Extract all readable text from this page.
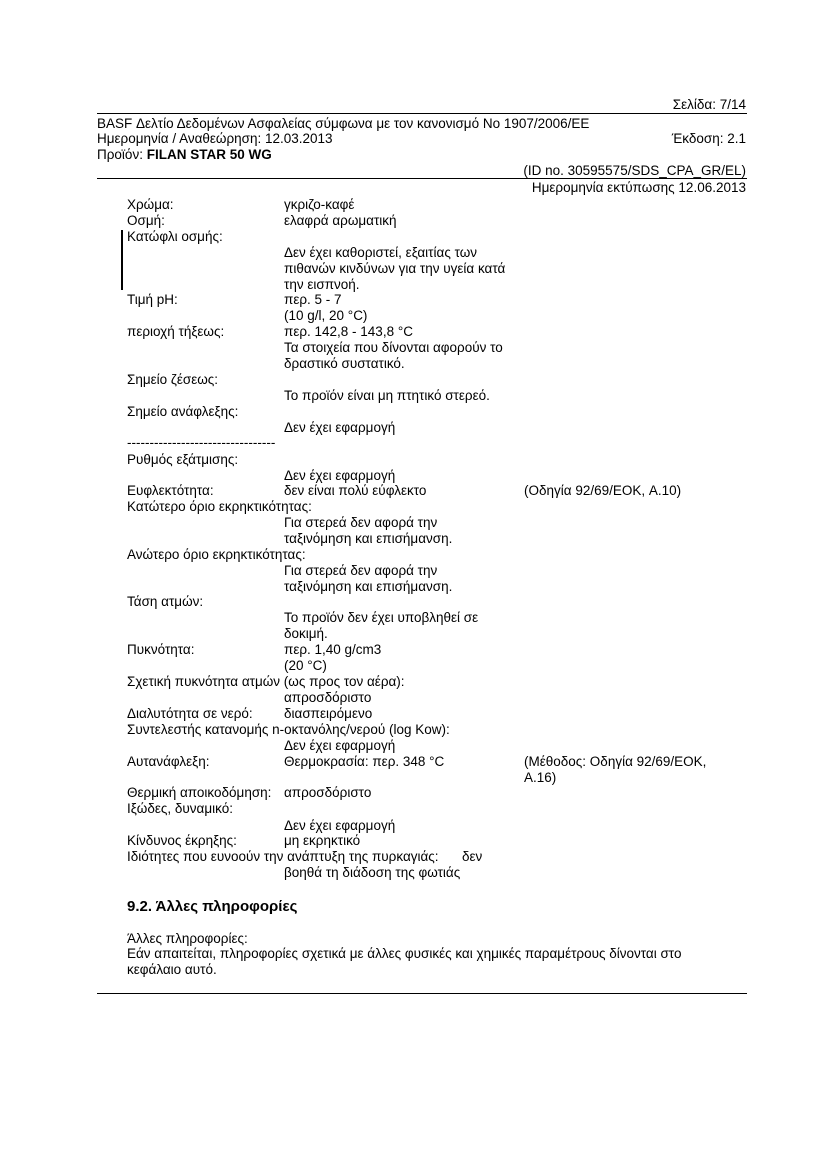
Σελίδα: 7/14
BASF Δελτίο Δεδομένων Ασφαλείας σύμφωνα με τον κανονισμό No 1907/2006/ΕΕ
Ημερομηνία / Αναθεώρηση: 12.03.2013	Έκδοση: 2.1
Προϊόν: FILAN STAR 50 WG
(ID no. 30595575/SDS_CPA_GR/EL)
Ημερομηνία εκτύπωσης 12.06.2013
Χρώμα:	γκριζο-καφέ
Οσμή:	ελαφρά αρωματική
Κατώφλι οσμής:
Δεν έχει καθοριστεί, εξαιτίας των
πιθανών κινδύνων για την υγεία κατά
την εισπνοή.
Τιμή pH:	περ. 5 - 7
(10 g/l, 20 °C)
περιοχή τήξεως:	περ. 142,8 - 143,8 °C
Τα στοιχεία που δίνονται αφορούν το
δραστικό συστατικό.
Σημείο ζέσεως:
Το προϊόν είναι μη πτητικό στερεό.
Σημείο ανάφλεξης:
Δεν έχει εφαρμογή
---------------------------------
Ρυθμός εξάτμισης:
Δεν έχει εφαρμογή
Ευφλεκτότητα:	δεν είναι πολύ εύφλεκτο	(Οδηγία 92/69/ΕΟΚ, A.10)
Κατώτερο όριο εκρηκτικότητας:
Για στερεά δεν αφορά την
ταξινόμηση και επισήμανση.
Ανώτερο όριο εκρηκτικότητας:
Για στερεά δεν αφορά την
ταξινόμηση και επισήμανση.
Τάση ατμών:
Το προϊόν δεν έχει υποβληθεί σε
δοκιμή.
Πυκνότητα:	περ. 1,40 g/cm3
(20 °C)
Σχετική πυκνότητα ατμών (ως προς τον αέρα):
απροσδόριστο
Διαλυτότητα σε νερό: διασπειρόμενο
Συντελεστής κατανομής n-οκτανόλης/νερού (log Kow):
Δεν έχει εφαρμογή
Αυτανάφλεξη:	Θερμοκρασία: περ. 348 °C	(Μέθοδος: Οδηγία 92/69/ΕΟΚ,
A.16)
Θερμική αποικοδόμηση: απροσδόριστο
Ιξώδες, δυναμικό:
Δεν έχει εφαρμογή
Κίνδυνος έκρηξης:	μη εκρηκτικό
Ιδιότητες που ευνοούν την ανάπτυξη της πυρκαγιάς: δεν
βοηθά τη διάδοση της φωτιάς
9.2. Άλλες πληροφορίες
Άλλες πληροφορίες:
Εάν απαιτείται, πληροφορίες σχετικά με άλλες φυσικές και χημικές παραμέτρους δίνονται στο
κεφάλαιο αυτό.
